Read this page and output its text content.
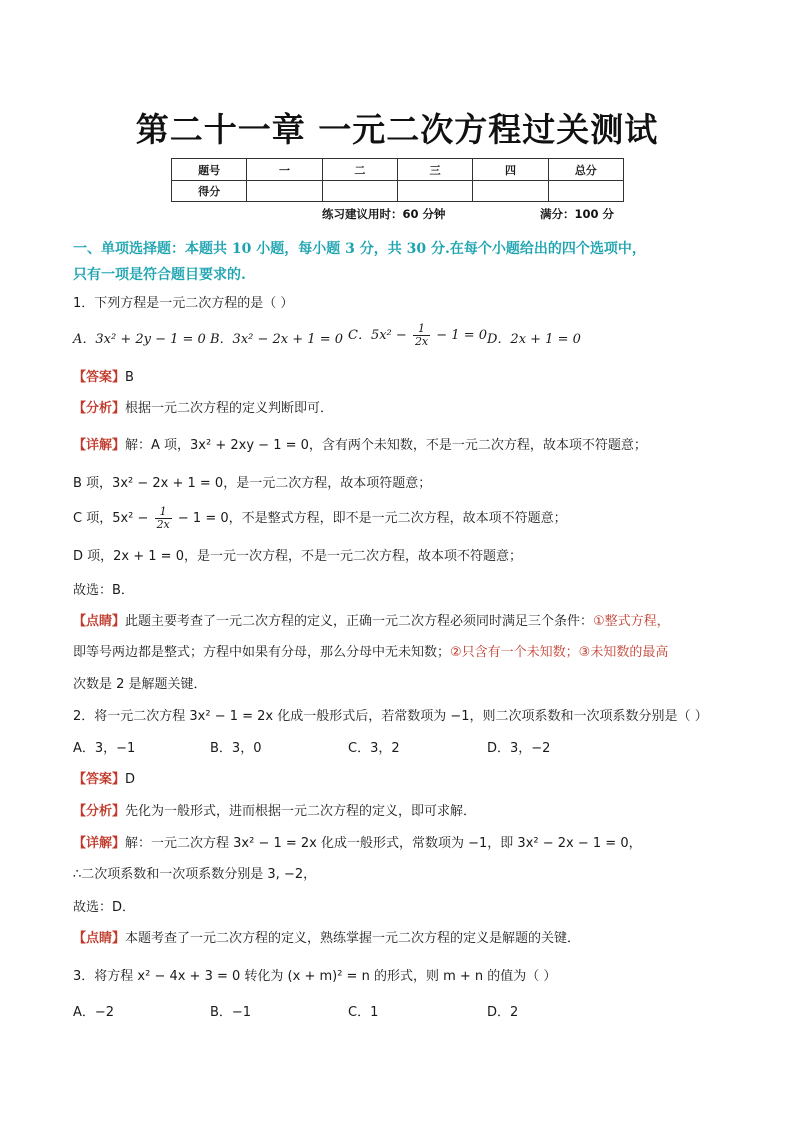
第二十一章 一元二次方程过关测试
题号	一	二	三	四	总分
得分					
练习建议用时：60 分钟	满分：100 分
一、单项选择题：本题共 10 小题，每小题 3 分，共 30 分.在每个小题给出的四个选项中，
只有一项是符合题目要求的.
1．下列方程是一元二次方程的是（ ）
A．3x² + 2y − 1 = 0 B．3x² − 2x + 1 = 0 C．$5x^2 - \frac{1}{2x} - 1 = 0$ D．2x + 1 = 0
【答案】B
【分析】根据一元二次方程的定义判断即可．
【详解】解：A 项，3x² + 2xy − 1 = 0，含有两个未知数，不是一元二次方程，故本项不符题意；
B 项，3x² − 2x + 1 = 0，是一元二次方程，故本项符题意；
C 项，$5x^2 - \frac{1}{2x} - 1 = 0$，不是整式方程，即不是一元二次方程，故本项不符题意；
D 项，2x + 1 = 0，是一元一次方程，不是一元二次方程，故本项不符题意；
故选：B．
【点睛】此题主要考查了一元二次方程的定义，正确一元二次方程必须同时满足三个条件：①整式方程，
即等号两边都是整式；方程中如果有分母，那么分母中无未知数；②只含有一个未知数；③未知数的最高
次数是 2 是解题关键．
2．将一元二次方程 3x² − 1 = 2x 化成一般形式后，若常数项为 −1，则二次项系数和一次项系数分别是（ ）
A．3，−1	B．3，0	C．3，2	D．3，−2
【答案】D
【分析】先化为一般形式，进而根据一元二次方程的定义，即可求解．
【详解】解：一元二次方程 3x² − 1 = 2x 化成一般形式，常数项为 −1，即 3x² − 2x − 1 = 0，
∴二次项系数和一次项系数分别是 3, −2，
故选：D．
【点睛】本题考查了一元二次方程的定义，熟练掌握一元二次方程的定义是解题的关键．
3．将方程 x² − 4x + 3 = 0 转化为 (x + m)² = n 的形式，则 m + n 的值为（ ）
A．−2	B．−1	C．1	D．2
